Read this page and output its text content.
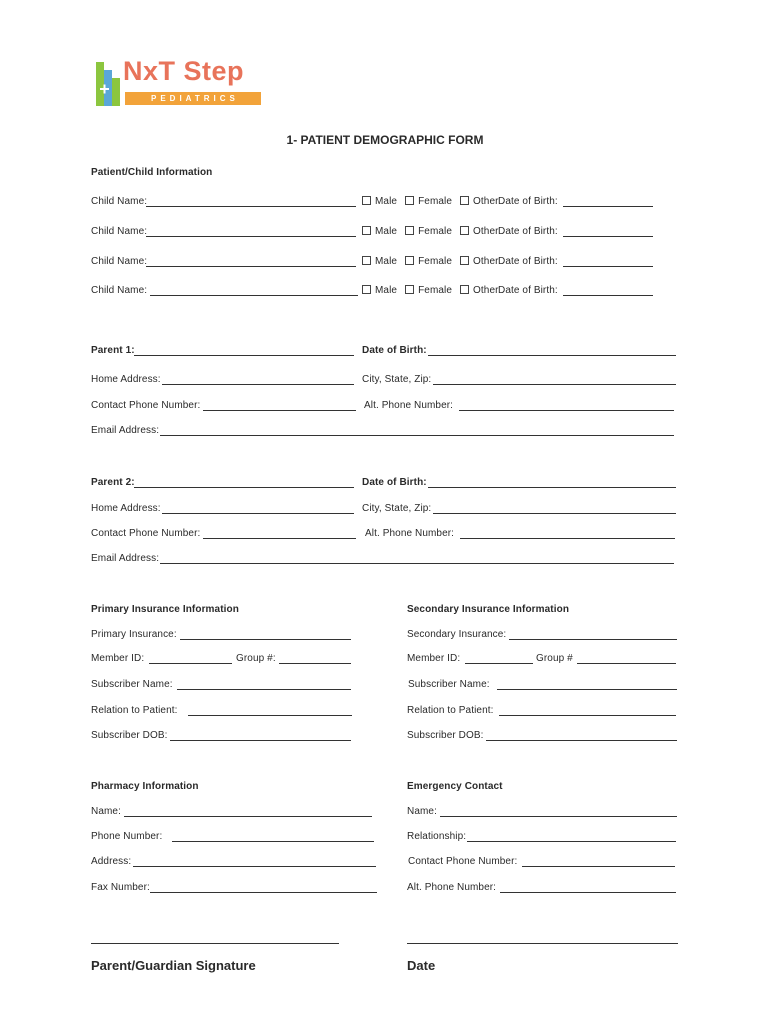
NxT Step
PEDIATRICS
1- PATIENT DEMOGRAPHIC FORM
Patient/Child Information
Child Name:	Male Female Other Date of Birth:
Child Name:	Male Female Other Date of Birth:
Child Name:	Male Female Other Date of Birth:
Child Name:	Male Female Other Date of Birth:
Parent 1:	Date of Birth:
Home Address:	City, State, Zip:
Contact Phone Number:	Alt. Phone Number:
Email Address:
Parent 2:	Date of Birth:
Home Address:	City, State, Zip:
Contact Phone Number:	Alt. Phone Number:
Email Address:
Primary Insurance Information
Primary Insurance:
Member ID:	Group #:
Subscriber Name:
Relation to Patient:
Subscriber DOB:
Secondary Insurance Information
Secondary Insurance:
Member ID:	Group #
Subscriber Name:
Relation to Patient:
Subscriber DOB:
Pharmacy Information
Name:
Phone Number:
Address:
Fax Number:
Emergency Contact
Name:
Relationship:
Contact Phone Number:
Alt. Phone Number:
Parent/Guardian Signature	Date
